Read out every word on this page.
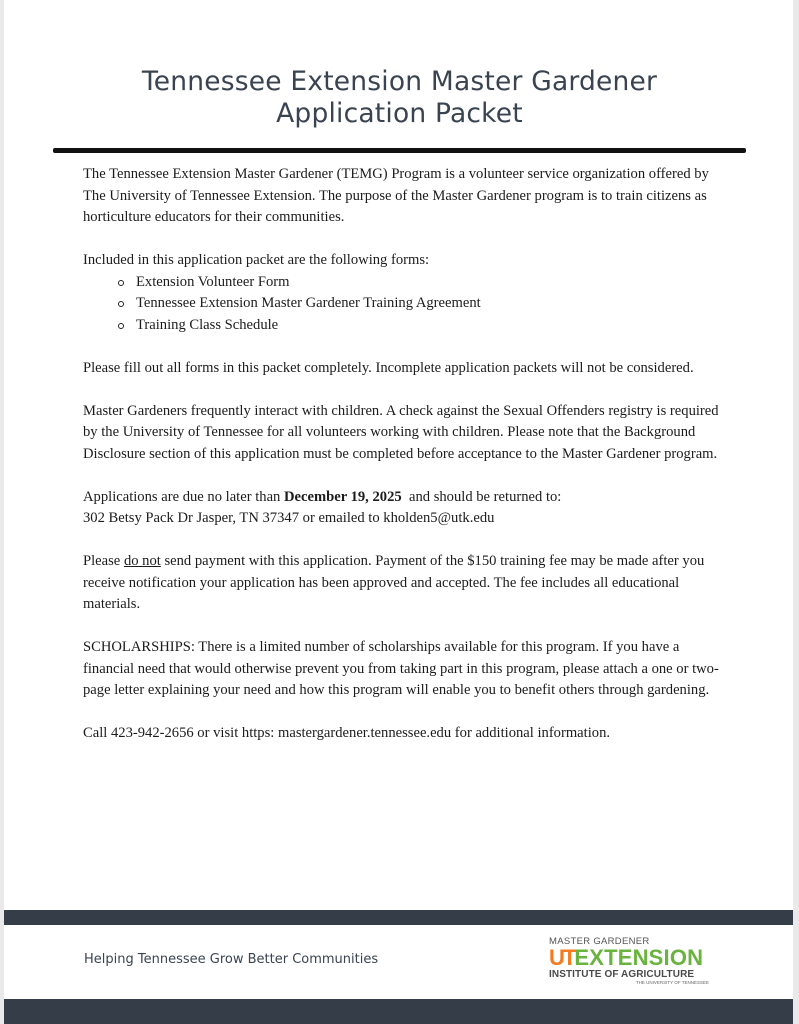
Tennessee Extension Master Gardener
Application Packet

The Tennessee Extension Master Gardener (TEMG) Program is a volunteer service organization offered by The University of Tennessee Extension. The purpose of the Master Gardener program is to train citizens as horticulture educators for their communities.

Included in this application packet are the following forms:
Extension Volunteer Form
Tennessee Extension Master Gardener Training Agreement
Training Class Schedule

Please fill out all forms in this packet completely. Incomplete application packets will not be considered.

Master Gardeners frequently interact with children. A check against the Sexual Offenders registry is required by the University of Tennessee for all volunteers working with children. Please note that the Background Disclosure section of this application must be completed before acceptance to the Master Gardener program.

Applications are due no later than December 19, 2025  and should be returned to:
302 Betsy Pack Dr Jasper, TN 37347 or emailed to kholden5@utk.edu

Please do not send payment with this application. Payment of the $150 training fee may be made after you receive notification your application has been approved and accepted. The fee includes all educational materials.

SCHOLARSHIPS: There is a limited number of scholarships available for this program. If you have a financial need that would otherwise prevent you from taking part in this program, please attach a one or two-page letter explaining your need and how this program will enable you to benefit others through gardening.

Call 423-942-2656 or visit https: mastergardener.tennessee.edu for additional information.

Helping Tennessee Grow Better Communities
MASTER GARDENER
UT EXTENSION
INSTITUTE OF AGRICULTURE
THE UNIVERSITY OF TENNESSEE
